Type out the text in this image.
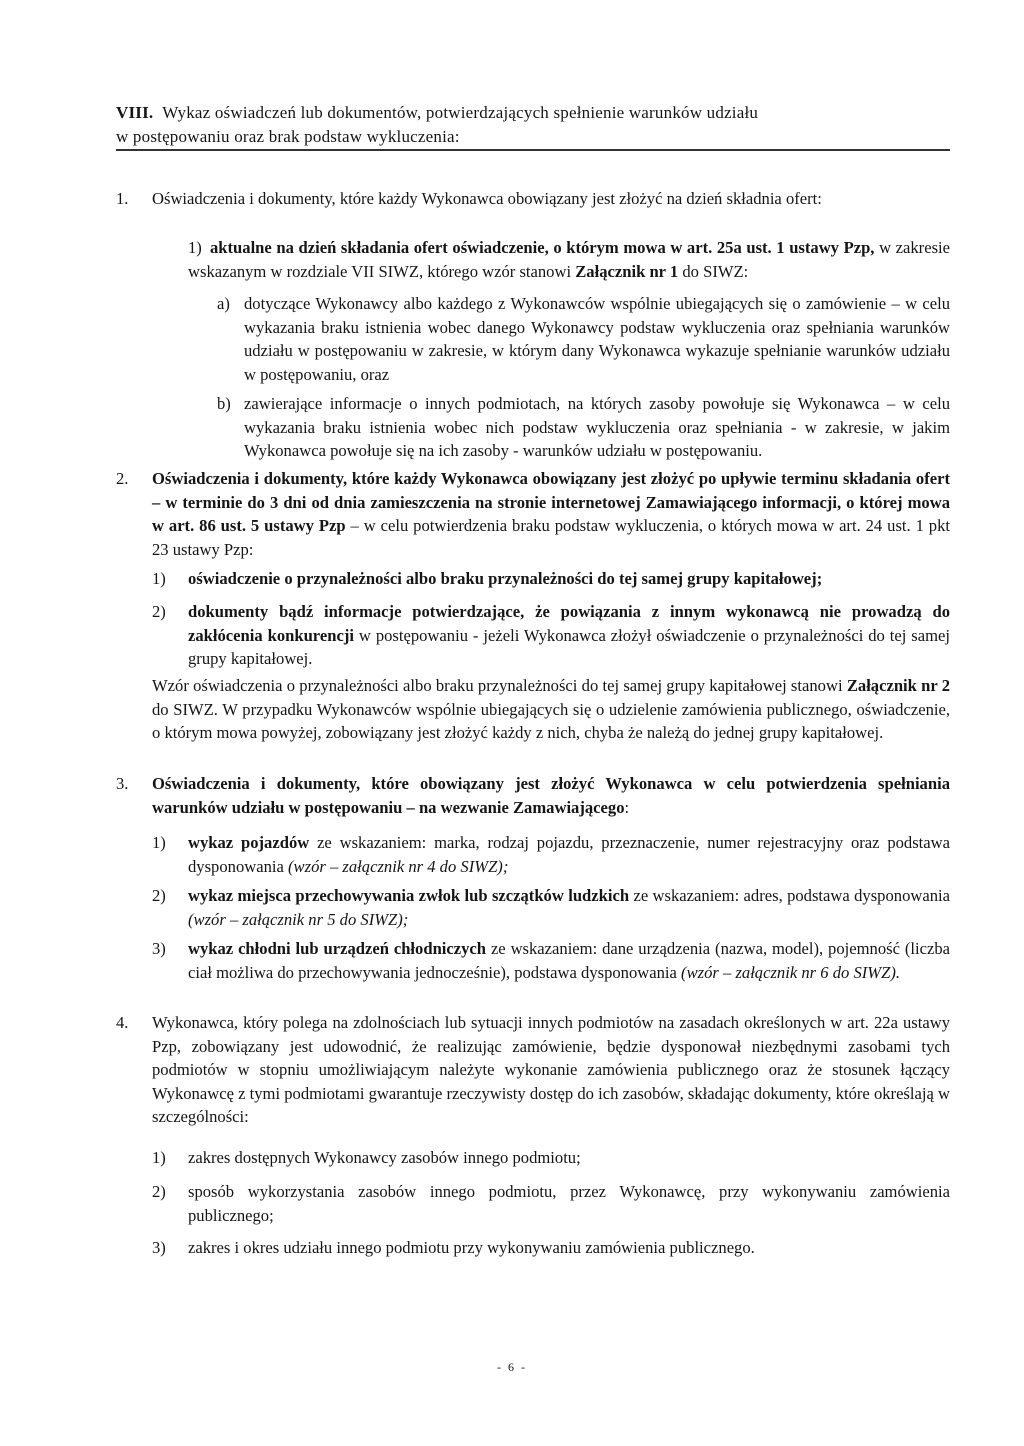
VIII. Wykaz oświadczeń lub dokumentów, potwierdzających spełnienie warunków udziału
w postępowaniu oraz brak podstaw wykluczenia:
1. Oświadczenia i dokumenty, które każdy Wykonawca obowiązany jest złożyć na dzień składnia ofert:
1) aktualne na dzień składania ofert oświadczenie, o którym mowa w art. 25a ust. 1 ustawy Pzp, w zakresie wskazanym w rozdziale VII SIWZ, którego wzór stanowi Załącznik nr 1 do SIWZ:
a) dotyczące Wykonawcy albo każdego z Wykonawców wspólnie ubiegających się o zamówienie – w celu wykazania braku istnienia wobec danego Wykonawcy podstaw wykluczenia oraz spełniania warunków udziału w postępowaniu w zakresie, w którym dany Wykonawca wykazuje spełnianie warunków udziału w postępowaniu, oraz
b) zawierające informacje o innych podmiotach, na których zasoby powołuje się Wykonawca – w celu wykazania braku istnienia wobec nich podstaw wykluczenia oraz spełniania - w zakresie, w jakim Wykonawca powołuje się na ich zasoby - warunków udziału w postępowaniu.
2. Oświadczenia i dokumenty, które każdy Wykonawca obowiązany jest złożyć po upływie terminu składania ofert – w terminie do 3 dni od dnia zamieszczenia na stronie internetowej Zamawiającego informacji, o której mowa w art. 86 ust. 5 ustawy Pzp – w celu potwierdzenia braku podstaw wykluczenia, o których mowa w art. 24 ust. 1 pkt 23 ustawy Pzp:
1) oświadczenie o przynależności albo braku przynależności do tej samej grupy kapitałowej;
2) dokumenty bądź informacje potwierdzające, że powiązania z innym wykonawcą nie prowadzą do zakłócenia konkurencji w postępowaniu - jeżeli Wykonawca złożył oświadczenie o przynależności do tej samej grupy kapitałowej.
Wzór oświadczenia o przynależności albo braku przynależności do tej samej grupy kapitałowej stanowi Załącznik nr 2 do SIWZ. W przypadku Wykonawców wspólnie ubiegających się o udzielenie zamówienia publicznego, oświadczenie, o którym mowa powyżej, zobowiązany jest złożyć każdy z nich, chyba że należą do jednej grupy kapitałowej.
3. Oświadczenia i dokumenty, które obowiązany jest złożyć Wykonawca w celu potwierdzenia spełniania warunków udziału w postępowaniu – na wezwanie Zamawiającego:
1) wykaz pojazdów ze wskazaniem: marka, rodzaj pojazdu, przeznaczenie, numer rejestracyjny oraz podstawa dysponowania (wzór – załącznik nr 4 do SIWZ);
2) wykaz miejsca przechowywania zwłok lub szczątków ludzkich ze wskazaniem: adres, podstawa dysponowania (wzór – załącznik nr 5 do SIWZ);
3) wykaz chłodni lub urządzeń chłodniczych ze wskazaniem: dane urządzenia (nazwa, model), pojemność (liczba ciał możliwa do przechowywania jednocześnie), podstawa dysponowania (wzór – załącznik nr 6 do SIWZ).
4. Wykonawca, który polega na zdolnościach lub sytuacji innych podmiotów na zasadach określonych w art. 22a ustawy Pzp, zobowiązany jest udowodnić, że realizując zamówienie, będzie dysponował niezbędnymi zasobami tych podmiotów w stopniu umożliwiającym należyte wykonanie zamówienia publicznego oraz że stosunek łączący Wykonawcę z tymi podmiotami gwarantuje rzeczywisty dostęp do ich zasobów, składając dokumenty, które określają w szczególności:
1) zakres dostępnych Wykonawcy zasobów innego podmiotu;
2) sposób wykorzystania zasobów innego podmiotu, przez Wykonawcę, przy wykonywaniu zamówienia publicznego;
3) zakres i okres udziału innego podmiotu przy wykonywaniu zamówienia publicznego.
- 6 -
